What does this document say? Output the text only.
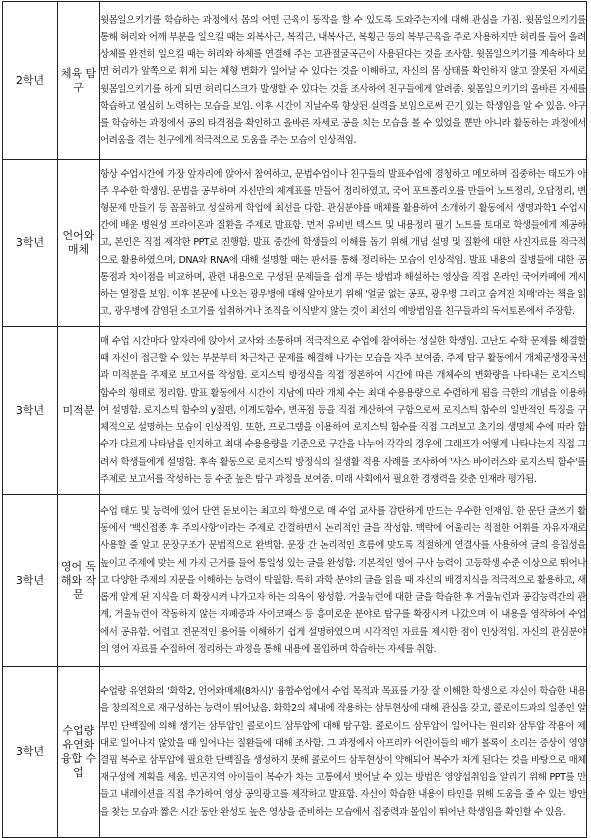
2학년	체육 탐구	윗몸일으키기를 학습하는 과정에서 몸의 어떤 근육이 동작을 할 수 있도록 도와주는지에 대해 관심을 가짐. 윗몸일으키기를 통해 허리와 어깨 부분을 일으킬 때는 외복사근, 복직근, 내복사근, 복횡근 등의 복부근육을 주로 사용하지만 허리를 들어 올려 상체를 완전히 일으킬 때는 허리와 하체를 연결해 주는 고관절굴곡근이 사용된다는 것을 조사함. 윗몸일으키기를 계속하다 보면 허리가 앞쪽으로 휘게 되는 체형 변화가 일어날 수 있다는 것을 이해하고, 자신의 몸 상태를 확인하지 않고 잘못된 자세로 윗몸일으키기를 하게 되면 허리디스크가 발생할 수 있다는 것을 조사하여 친구들에게 알려줌. 윗몸일으키기의 올바른 자세를 학습하고 열심히 노력하는 모습을 보임. 이후 시간이 지날수록 향상된 실력을 보임으로써 끈기 있는 학생임을 알 수 있음. 야구를 학습하는 과정에서 공의 타격점을 확인하고 올바른 자세로 공을 치는 모습을 볼 수 있었을 뿐만 아니라 활동하는 과정에서 어려움을 겪는 친구에게 적극적으로 도움을 주는 모습이 인상적임.

3학년	언어와 매체	항상 수업시간에 가장 앞자리에 앉아서 참여하고, 문법수업이나 친구들의 발표수업에 경청하고 메모하며 집중하는 태도가 아주 우수한 학생임. 문법을 공부하며 자신만의 체계표를 만들어 정리하였고, 국어 포트폴리오를 만들어 노트정리, 오답정리, 변형문제 만들기 등 꼼꼼하고 성실하게 학업에 최선을 다함. 관심분야를 매체를 활용하여 소개하기 활동에서 생명과학1 수업시간에 배운 병원성 프라이온과 질환을 주제로 발표함. 먼저 유비빈 텍스트 및 내용정리 필기 노트를 토대로 학생들에게 제공하고, 본인은 직접 제작한 PPT로 진행함. 발표 중간에 학생들의 이해를 돕기 위해 개념 설명 및 질환에 대한 사진자료를 적극적으로 활용하였으며, DNA와 RNA에 대해 설명할 때는 판서를 통해 정리하는 모습이 인상적임. 발표 내용의 질병들에 대한 공통점과 차이점을 비교하며, 관련 내용으로 구성된 문제들을 쉽게 푸는 방법과 해설하는 영상을 직접 온라인 국어카페에 게시하는 열정을 보임. 이후 본문에 나오는 광우병에 대해 알아보기 위해 '얼굴 없는 공포, 광우병 그리고 숨겨진 치매'라는 책을 읽고, 광우병에 감염된 소고기를 섭취하거나 조직을 이식받지 않는 것이 최선의 예방법임을 친구들과의 독서토론에서 주장함.

3학년	미적분	매 수업 시간마다 앞자리에 앉아서 교사와 소통하며 적극적으로 수업에 참여하는 성실한 학생임. 고난도 수학 문제를 해결할 때 자신이 접근할 수 있는 부분부터 차근차근 문제를 해결해 나가는 모습을 자주 보여줌. 주제 탐구 활동에서 개체군생장곡선과 미적분을 주제로 보고서를 작성함. 로지스틱 방정식을 직접 정본하여 시간에 따른 개체수의 변화량을 나타내는 로지스틱 함수의 형태로 정리함. 발표 활동에서 시간이 지남에 따라 개체 수는 최대 수용용량으로 수렴하게 됨을 극한의 개념을 이용하여 설명함. 로지스틱 함수의 y절편, 이계도함수, 변곡점 등을 직접 계산하여 구함으로써 로지스틱 함수의 일반적인 특징을 구체적으로 설명하는 모습이 인상적임. 또한, 프로그램을 이용하여 로지스틱 함수를 직접 그려보고 초기의 생명체 수에 따라 함수가 다르게 나타남을 인지하고 최대 수용용량을 기준으로 구간을 나누어 각각의 경우에 그래프가 어떻게 나타나는지 직접 그려서 학생들에게 설명함. 후속 활동으로 로지스틱 방정식의 실생활 적용 사례를 조사하여 '사스 바이러스와 로지스틱 함수'를 주제로 보고서를 작성하는 등 수준 높은 탐구 과정을 보여줌. 미래 사회에서 필요한 경쟁력을 갖춘 인재라 평가됨.

3학년	영어 독해와 작문	수업 태도 및 능력에 있어 단연 돋보이는 최고의 학생으로 매 수업 교사를 감탄하게 만드는 우수한 인재임. 한 문단 글쓰기 활동에서 '백신접종 후 주의사항'이라는 주제로 간결하면서 논리적인 글을 작성함. 맥락에 어울리는 적절한 어휘를 자유자재로 사용할 줄 알고 문장구조가 문법적으로 완벽함. 문장 간 논리적인 흐름에 맞도록 적절하게 연결사를 사용하여 글의 응집성을 높이고 주제에 맞는 세 가지 근거를 들어 통일성 있는 글을 완성함. 기본적인 영어 구사 능력이 고등학생 수준 이상으로 뛰어나고 다양한 주제의 지문을 이해하는 능력이 탁월함. 특히 과학 분야의 글을 읽을 때 자신의 배경지식을 적극적으로 활용하고, 새롭게 알게 된 지식을 더 확장시켜 나가고자 하는 의욕이 왕성함. 거울뉴런에 대한 글을 학습한 후 거울뉴런과 공감능력간의 관계, 거울뉴런이 작동하지 않는 자폐증과 사이코패스 등 흥미로운 분야로 탐구를 확장시켜 나갔으며 이 내용을 영작하여 수업에서 공유함. 어렵고 전문적인 용어를 이해하기 쉽게 설명하였으며 시각적인 자료를 제시한 점이 인상적임. 자신의 관심분야의 영어 자료를 수집하여 정리하는 과정을 통해 내용에 몰입하며 학습하는 자세를 취함.

3학년	수업량 유연화 융합 수업	수업량 유연화의 '화학2, 언어와매체(8차시)' 융합수업에서 수업 목적과 목표를 가장 잘 이해한 학생으로 자신이 학습한 내용을 창의적으로 재구성하는 능력이 뛰어났음. 화학2의 체내에 작용하는 삼투현상에 대해 관심을 갖고, 콜로이드과의 일종인 알부민 단백질에 의해 생기는 삼투압인 콜로이드 삼투압에 대해 탐구함. 콜로이드 삼투압이 일어나는 원리와 삼투압 작용이 제대로 일어나지 않았을 때 일어나는 질환들에 대해 조사함. 그 과정에서 아프리카 어린이들의 배가 볼록이 소리는 증상이 영양결핍 복수로 삼투압에 필요한 단백질을 생성하지 못해 콜로이드 삼투현상이 약해되어 복수가 차게 된다는 것을 바탕으로 매체 재구성에 계획을 세움. 빈곤지역 아이들이 복수가 차는 고통에서 벗어날 수 있는 방법은 영양섭취임을 알리기 위해 PPT를 만들고 내레이션을 직접 추가하여 영상 공익광고를 제작하고 발표함. 자신이 학습한 내용이 타인을 위해 도움을 줄 수 있는 방안을 찾는 모습과 짧은 시간 동안 완성도 높은 영상을 준비하는 모습에서 집중력과 몰입이 뛰어난 학생임을 확인할 수 있음.
